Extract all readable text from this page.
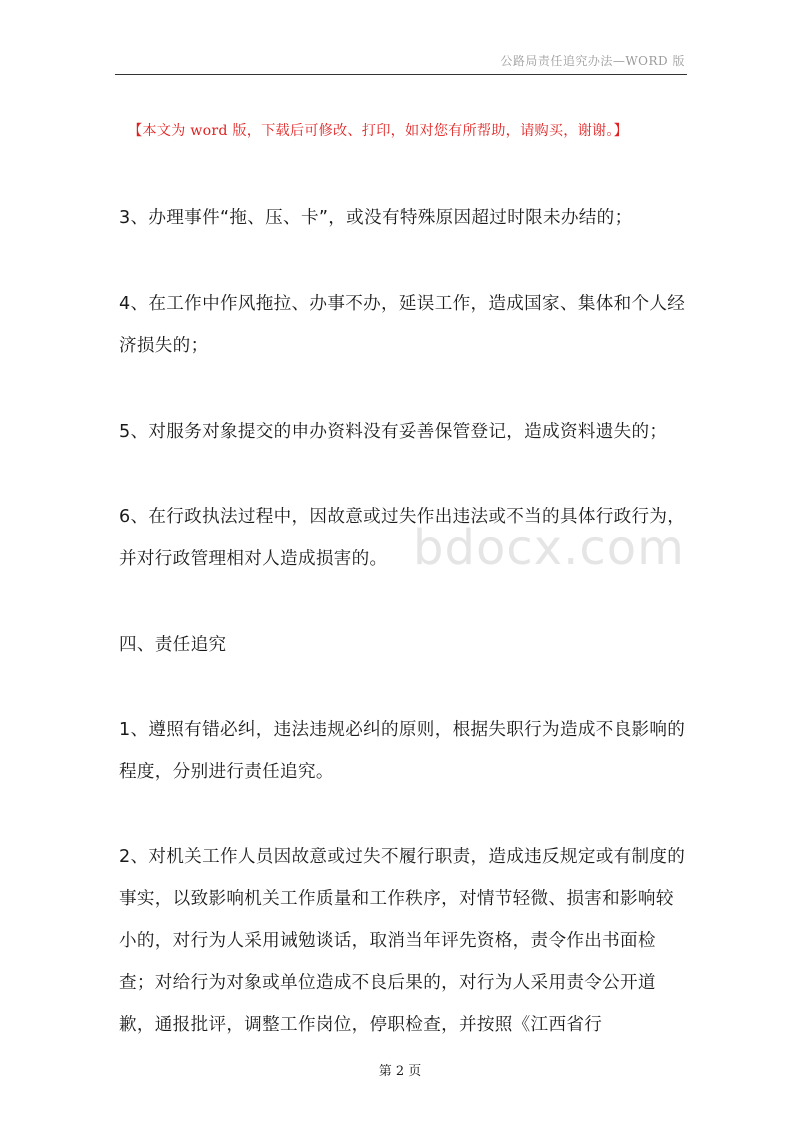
公路局责任追究办法—WORD 版
【本文为 word 版，下载后可修改、打印，如对您有所帮助，请购买，谢谢。】
3、办理事件“拖、压、卡”，或没有特殊原因超过时限未办结的；
4、在工作中作风拖拉、办事不办，延误工作，造成国家、集体和个人经济损失的；
5、对服务对象提交的申办资料没有妥善保管登记，造成资料遗失的；
6、在行政执法过程中，因故意或过失作出违法或不当的具体行政行为，并对行政管理相对人造成损害的。
四、责任追究
1、遵照有错必纠，违法违规必纠的原则，根据失职行为造成不良影响的程度，分别进行责任追究。
2、对机关工作人员因故意或过失不履行职责，造成违反规定或有制度的事实，以致影响机关工作质量和工作秩序，对情节轻微、损害和影响较小的，对行为人采用诫勉谈话，取消当年评先资格，责令作出书面检查；对给行为对象或单位造成不良后果的，对行为人采用责令公开道歉，通报批评，调整工作岗位，停职检查，并按照《江西省行
bdocx.com
第 2 页
